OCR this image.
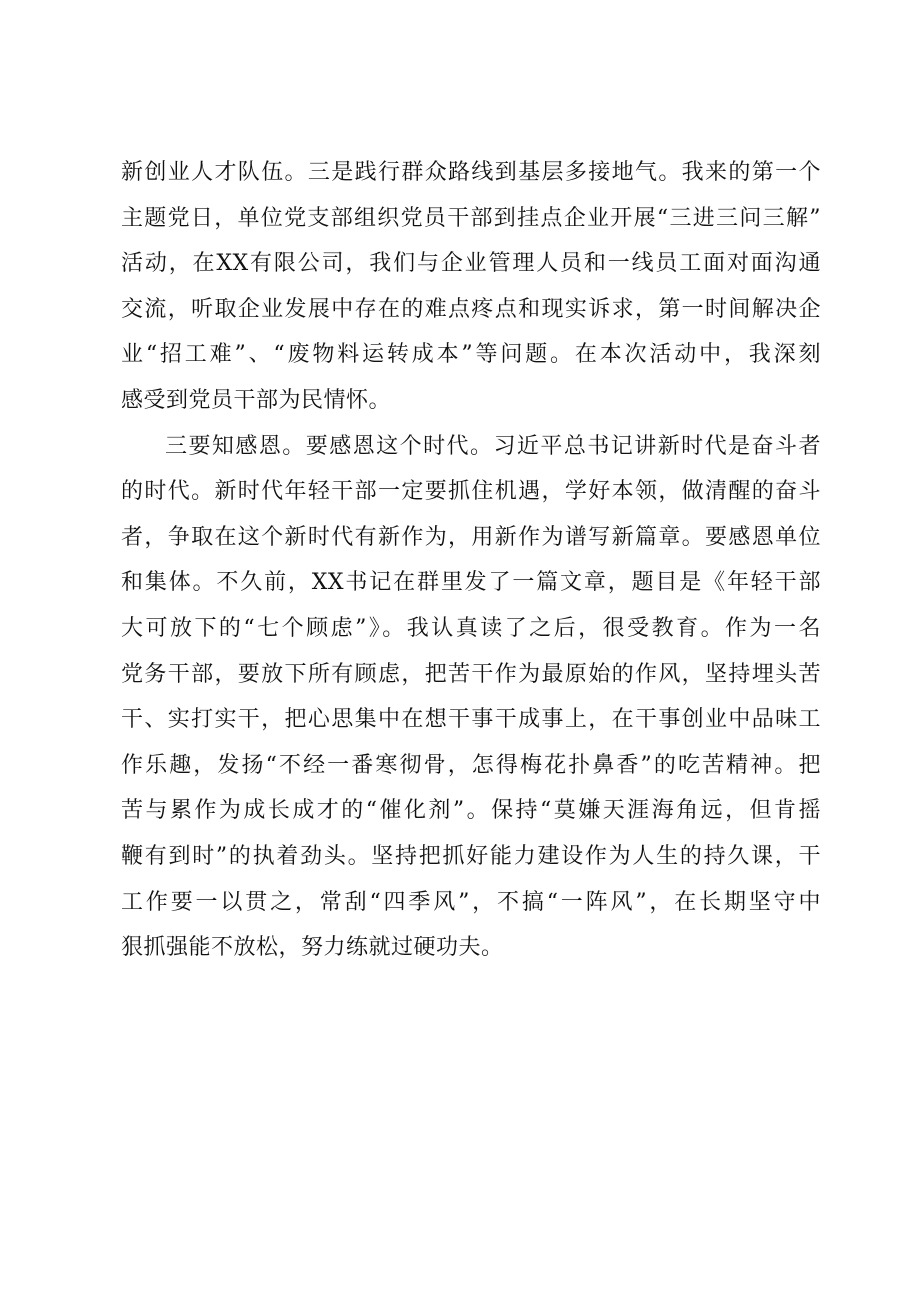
新创业人才队伍。三是践行群众路线到基层多接地气。我来的第一个
主题党日，单位党支部组织党员干部到挂点企业开展“三进三问三解”
活动，在XX有限公司，我们与企业管理人员和一线员工面对面沟通
交流，听取企业发展中存在的难点疼点和现实诉求，第一时间解决企
业“招工难”、“废物料运转成本”等问题。在本次活动中，我深刻
感受到党员干部为民情怀。
三要知感恩。要感恩这个时代。习近平总书记讲新时代是奋斗者
的时代。新时代年轻干部一定要抓住机遇，学好本领，做清醒的奋斗
者，争取在这个新时代有新作为，用新作为谱写新篇章。要感恩单位
和集体。不久前，XX书记在群里发了一篇文章，题目是《年轻干部
大可放下的“七个顾虑”》。我认真读了之后，很受教育。作为一名
党务干部，要放下所有顾虑，把苦干作为最原始的作风，坚持埋头苦
干、实打实干，把心思集中在想干事干成事上，在干事创业中品味工
作乐趣，发扬“不经一番寒彻骨，怎得梅花扑鼻香”的吃苦精神。把
苦与累作为成长成才的“催化剂”。保持“莫嫌天涯海角远，但肯摇
鞭有到时”的执着劲头。坚持把抓好能力建设作为人生的持久课，干
工作要一以贯之，常刮“四季风”，不搞“一阵风”，在长期坚守中
狠抓强能不放松，努力练就过硬功夫。
